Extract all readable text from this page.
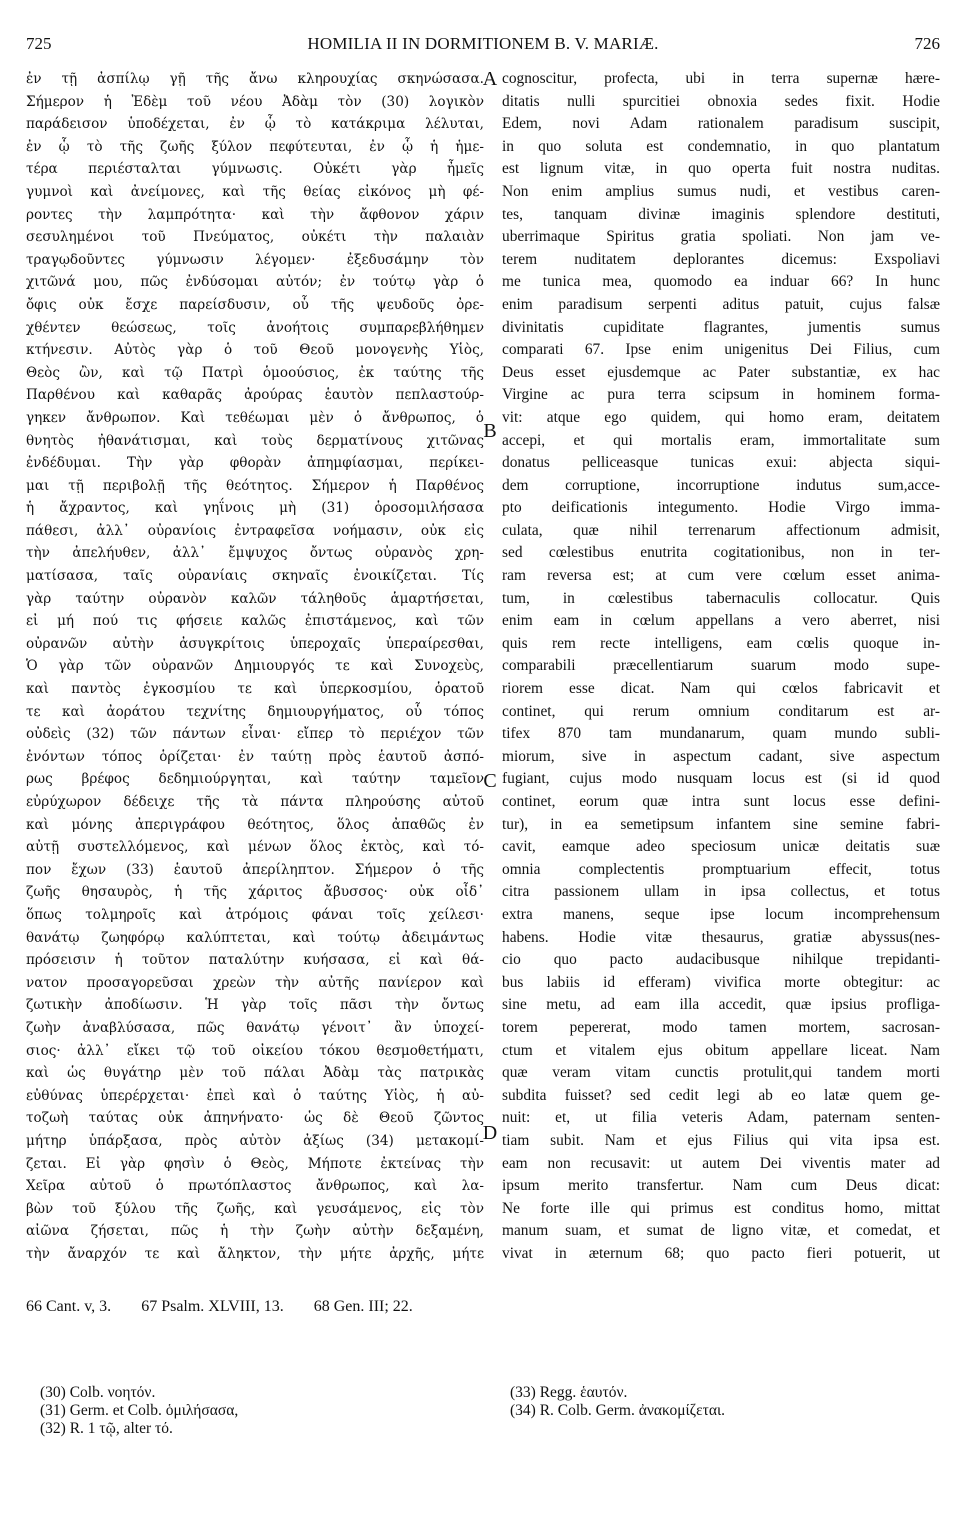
725	HOMILIA II IN DORMITIONEM B. V. MARIÆ.	726
ἐν τῇ ἀσπίλῳ γῇ τῆς ἄνω κληρουχίας σκηνώσασα.
Σήμερον ἡ Ἐδὲμ τοῦ νέου Ἀδὰμ τὸν (30) λογικὸν
παράδεισον ὑποδέχεται, ἐν ᾧ τὸ κατάκριμα λέλυται,
ἐν ᾧ τὸ τῆς ζωῆς ξύλον πεφύτευται, ἐν ᾧ ἡ ἡμε-
τέρα περιέσταλται γύμνωσις. Οὐκέτι γὰρ ἦμεῖς
γυμνοὶ καὶ ἀνείμονες, καὶ τῆς θείας εἰκόνος μὴ φέ-
ροντες τὴν λαμπρότητα· καὶ τὴν ἄφθονον χάριν
σεσυλημένοι τοῦ Πνεύματος, οὐκέτι τὴν παλαιὰν
τραγῳδοῦντες γύμνωσιν λέγομεν· ἐξεδυσάμην τὸν
χιτῶνά μου, πῶς ἐνδύσομαι αὐτόν; ἐν τούτῳ γὰρ ὁ
ὄφις οὐκ ἔσχε παρείσδυσιν, οὗ τῆς ψευδοῦς ὀρε-
χθέντεν θεώσεως, τοῖς ἀνοήτοις συμπαρεβλήθημεν
κτήνεσιν. Αὐτὸς γὰρ ὁ τοῦ Θεοῦ μονογενὴς Υἱὸς,
Θεὸς ὢν, καὶ τῷ Πατρὶ ὁμοούσιος, ἐκ ταύτης τῆς
Παρθένου καὶ καθαρᾶς ἀρούρας ἑαυτὸν πεπλαστούρ-
γηκεν ἄνθρωπον. Καὶ τεθέωμαι μὲν ὁ ἄνθρωπος, ὁ
θνητὸς ἠθανάτισμαι, καὶ τοὺς δερματίνους χιτῶνας
ἐνδέδυμαι. Τὴν γὰρ φθορὰν ἀπημφίασμαι, περίκει-
μαι τῇ περιβολῇ τῆς θεότητος. Σήμερον ἡ Παρθένος
ἡ ἄχραντος, καὶ γηΐνοις μὴ (31) ὁροσομιλήσασα
πάθεσι, ἀλλ᾽ οὐρανίοις ἐντραφεῖσα νοήμασιν, οὐκ εἰς
τὴν ἀπελήυθεν, ἀλλ᾽ ἔμψυχος ὄντως οὐρανὸς χρη-
ματίσασα, ταῖς οὐρανίαις σκηναῖς ἐνοικίζεται. Τίς
γὰρ ταύτην οὐρανὸν καλῶν τάληθοῦς ἁμαρτήσεται,
εἰ μή πού τις φήσειε καλῶς ἐπιστάμενος, καὶ τῶν
οὐρανῶν αὐτὴν ἀσυγκρίτοις ὑπεροχαῖς ὑπεραίρεσθαι,
Ὁ γὰρ τῶν οὐρανῶν Δημιουργός τε καὶ Συνοχεὺς,
καὶ παντὸς ἐγκοσμίου τε καὶ ὑπερκοσμίου, ὁρατοῦ
τε καὶ ἀοράτου τεχνίτης δημιουργήματος, οὗ τόπος
οὐδεὶς (32) τῶν πάντων εἶναι· εἴπερ τὸ περιέχον τῶν
ἐνόντων τόπος ὁρίζεται· ἐν ταύτῃ πρὸς ἑαυτοῦ ἀσπό-
ρως βρέφος δεδημιούργηται, καὶ ταύτην ταμεῖον
εὐρύχωρον δέδειχε τῆς τὰ πάντα πληρούσης αὐτοῦ
καὶ μόνης ἀπεριγράφου θεότητος, ὅλος ἀπαθῶς ἐν
αὐτῇ συστελλόμενος, καὶ μένων ὅλος ἐκτὸς, καὶ τό-
πον ἔχων (33) ἑαυτοῦ ἀπερίληπτον. Σήμερον ὁ τῆς
ζωῆς θησαυρὸς, ἡ τῆς χάριτος ἄβυσσος· οὐκ οἶδ᾽
ὅπως τολμηροῖς καὶ ἀτρόμοις φάναι τοῖς χείλεσι·
θανάτῳ ζωηφόρῳ καλύπτεται, καὶ τούτῳ ἀδειμάντως
πρόσεισιν ἡ τοῦτον παταλύτην κυήσασα, εἰ καὶ θά-
νατον προσαγορεῦσαι χρεὼν τὴν αὐτῆς πανίερον καὶ
ζωτικὴν ἀποδίωσιν. Ἡ γὰρ τοῖς πᾶσι τὴν ὄντως
ζωὴν ἀναβλύσασα, πῶς θανάτῳ γένοιτ᾽ ἂν ὑποχεί-
σιος· ἀλλ᾽ εἴκει τῷ τοῦ οἰκείου τόκου θεσμοθετήματι,
καὶ ὡς θυγάτηρ μὲν τοῦ πάλαι Ἀδὰμ τὰς πατρικὰς
εὐθύνας ὑπερέρχεται· ἐπεὶ καὶ ὁ ταύτης Υἱὸς, ἡ αὐ-
τοζωὴ ταύτας οὐκ ἀπηνήνατο· ὡς δὲ Θεοῦ ζῶντος
μήτηρ ὑπάρξασα, πρὸς αὐτὸν ἀξίως (34) μετακομί-
ζεται. Εἰ γὰρ φησὶν ὁ Θεὸς, Μήποτε ἐκτείνας τὴν
Χεῖρα αὐτοῦ ὁ πρωτόπλαστος ἄνθρωπος, καὶ λα-
βὼν τοῦ ξύλου τῆς ζωῆς, καὶ γευσάμενος, εἰς τὸν
αἰῶνα ζήσεται, πῶς ἡ τὴν ζωὴν αὐτὴν δεξαμένη,
τὴν ἄναρχόν τε καὶ ἄληκτον, τὴν μήτε ἀρχῆς, μήτε
cognoscitur, profecta, ubi in terra supernæ hære-
ditatis nulli spurcitiei obnoxia sedes fixit. Hodie
Edem, novi Adam rationalem paradisum suscipit,
in quo soluta est condemnatio, in quo plantatum
est lignum vitæ, in quo operta fuit nostra nuditas.
Non enim amplius sumus nudi, et vestibus caren-
tes, tanquam divinæ imaginis splendore destituti,
uberrimaque Spiritus gratia spoliati. Non jam ve-
terem nuditatem deplorantes dicemus: Exspoliavi
me tunica mea, quomodo ea induar 66? In hunc
enim paradisum serpenti aditus patuit, cujus falsæ
divinitatis cupiditate flagrantes, jumentis sumus
comparati 67. Ipse enim unigenitus Dei Filius, cum
Deus esset ejusdemque ac Pater substantiæ, ex hac
Virgine ac pura terra scipsum in hominem forma-
vit: atque ego quidem, qui homo eram, deitatem
accepi, et qui mortalis eram, immortalitate sum
donatus pelliceasque tunicas exui: abjecta siqui-
dem corruptione, incorruptione indutus sum,acce-
pto deificationis integumento. Hodie Virgo imma-
culata, quæ nihil terrenarum affectionum admisit,
sed cœlestibus enutrita cogitationibus, non in ter-
ram reversa est; at cum vere cœlum esset anima-
tum, in cœlestibus tabernaculis collocatur. Quis
enim eam in cœlum appellans a vero aberret, nisi
quis rem recte intelligens, eam cœlis quoque in-
comparabili præcellentiarum suarum modo supe-
riorem esse dicat. Nam qui cœlos fabricavit et
continet, qui rerum omnium conditarum est ar-
tifex 870 tam mundanarum, quam mundo subli-
miorum, sive in aspectum cadant, sive aspectum
fugiant, cujus modo nusquam locus est (si id quod
continet, eorum quæ intra sunt locus esse defini-
tur), in ea semetipsum infantem sine semine fabri-
cavit, eamque adeo speciosum unicæ deitatis suæ
omnia complectentis promptuarium effecit, totus
citra passionem ullam in ipsa collectus, et totus
extra manens, seque ipse locum incomprehensum
habens. Hodie vitæ thesaurus, gratiæ abyssus(nes-
cio quo pacto audacibusque nihilque trepidanti-
bus labiis id efferam) vivifica morte obtegitur: ac
sine metu, ad eam illa accedit, quæ ipsius profliga-
torem pepererat, modo tamen mortem, sacrosan-
ctum et vitalem ejus obitum appellare liceat. Nam
quæ veram vitam cunctis protulit,qui tandem morti
subdita fuisset? sed cedit legi ab eo latæ quem ge-
nuit: et, ut filia veteris Adam, paternam senten-
tiam subit. Nam et ejus Filius qui vita ipsa est.
eam non recusavit: ut autem Dei viventis mater ad
ipsum merito transfertur. Nam cum Deus dicat:
Ne forte ille qui primus est conditus homo, mittat
manum suam, et sumat de ligno vitæ, et comedat, et
vivat in æternum 68; quo pacto fieri potuerit, ut
A
B
C
D
66 Cant. v, 3. 67 Psalm. XLVIII, 13. 68 Gen. III; 22.
(30) Colb. νοητόν.
(31) Germ. et Colb. ὁμιλήσασα,
(32) R. 1 τῷ, alter τό.
(33) Regg. ἑαυτόν.
(34) R. Colb. Germ. ἀνακομίζεται.
